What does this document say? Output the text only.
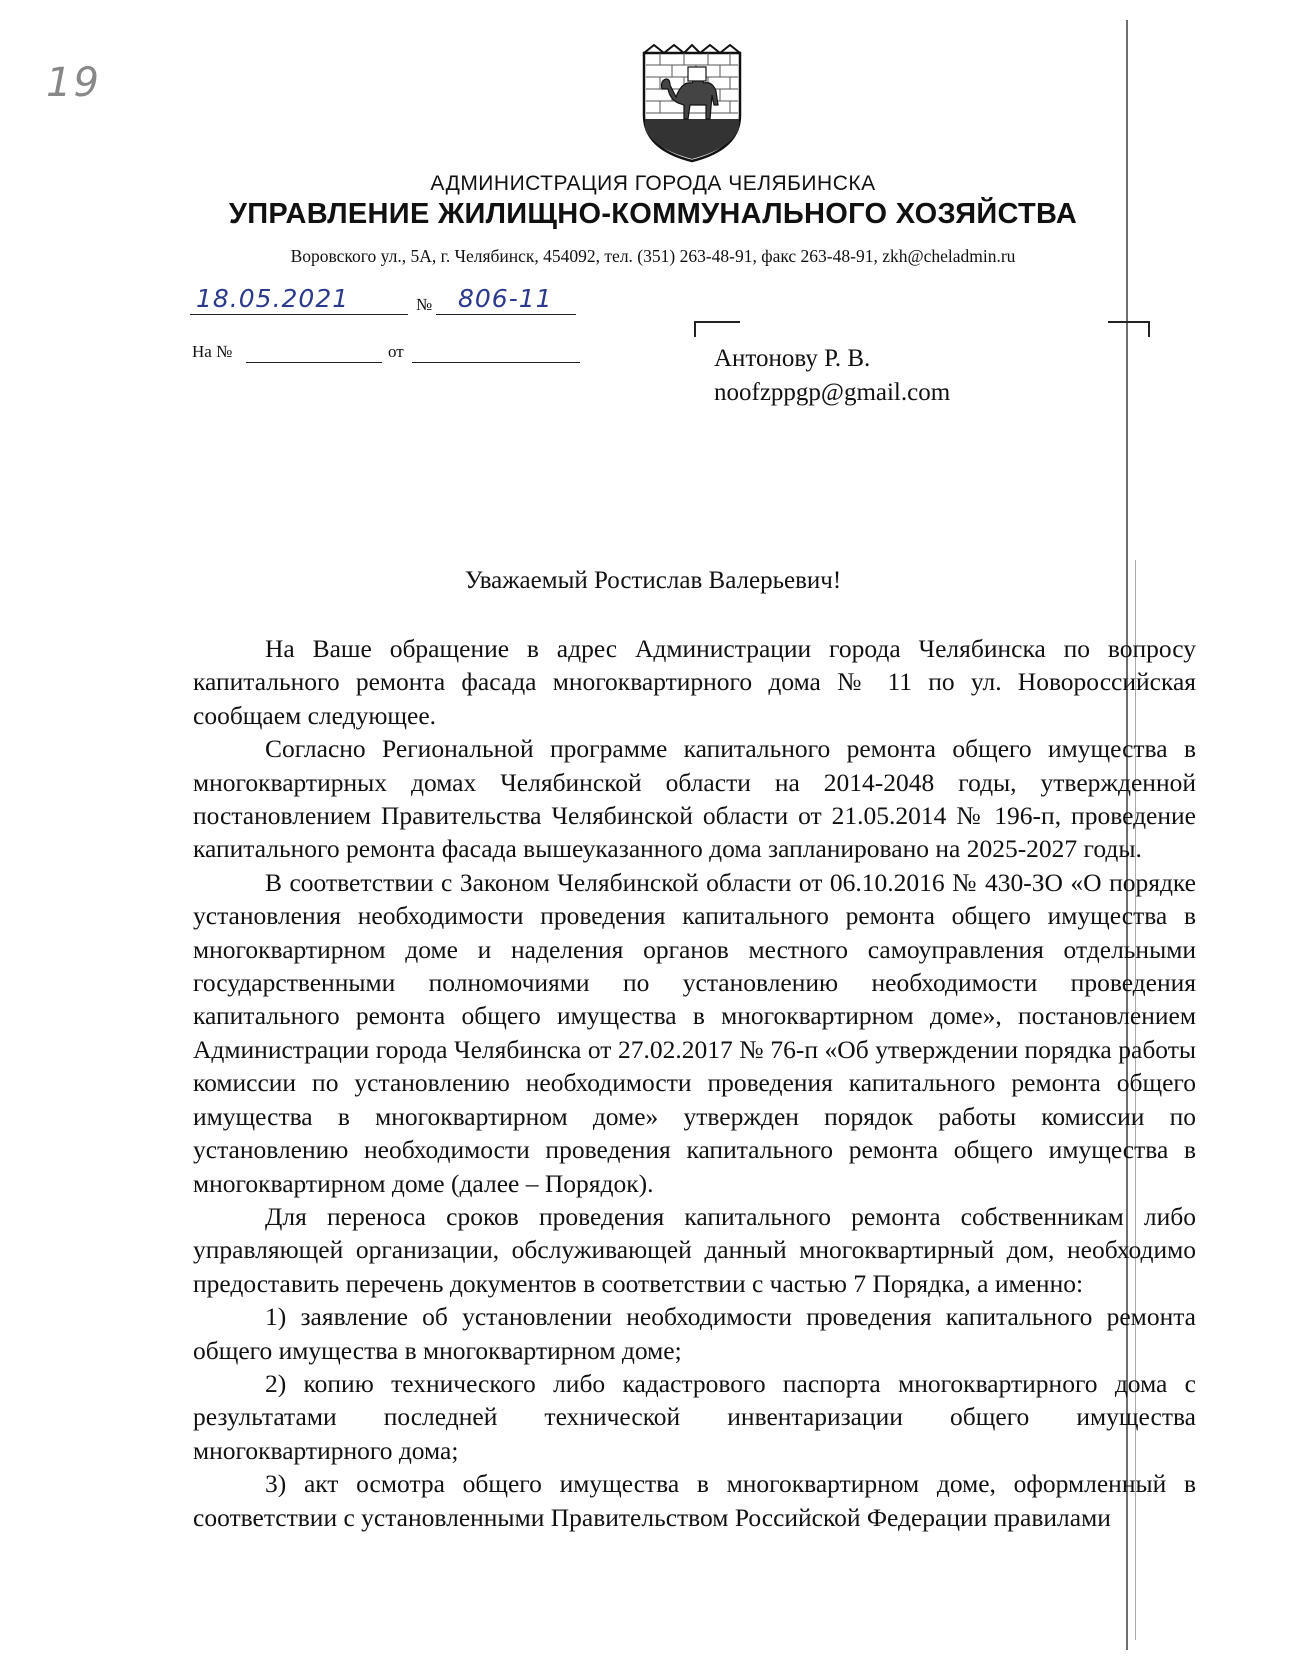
19
АДМИНИСТРАЦИЯ ГОРОДА ЧЕЛЯБИНСКА
УПРАВЛЕНИЕ ЖИЛИЩНО-КОММУНАЛЬНОГО ХОЗЯЙСТВА
Воровского ул., 5А, г. Челябинск, 454092, тел. (351) 263-48-91, факс 263-48-91, zkh@cheladmin.ru
18.05.2021	№ 806-11
На №	от	Антонову Р. В.
noofzppgp@gmail.com
Уважаемый Ростислав Валерьевич!

На Ваше обращение в адрес Администрации города Челябинска по вопросу капитального ремонта фасада многоквартирного дома № 11 по ул. Новороссийская сообщаем следующее.

Согласно Региональной программе капитального ремонта общего имущества в многоквартирных домах Челябинской области на 2014-2048 годы, утвержденной постановлением Правительства Челябинской области от 21.05.2014 № 196-п, проведение капитального ремонта фасада вышеуказанного дома запланировано на 2025-2027 годы.

В соответствии с Законом Челябинской области от 06.10.2016 № 430-ЗО «О порядке установления необходимости проведения капитального ремонта общего имущества в многоквартирном доме и наделения органов местного самоуправления отдельными государственными полномочиями по установлению необходимости проведения капитального ремонта общего имущества в многоквартирном доме», постановлением Администрации города Челябинска от 27.02.2017 № 76-п «Об утверждении порядка работы комиссии по установлению необходимости проведения капитального ремонта общего имущества в многоквартирном доме» утвержден порядок работы комиссии по установлению необходимости проведения капитального ремонта общего имущества в многоквартирном доме (далее – Порядок).

Для переноса сроков проведения капитального ремонта собственникам либо управляющей организации, обслуживающей данный многоквартирный дом, необходимо предоставить перечень документов в соответствии с частью 7 Порядка, а именно:

1) заявление об установлении необходимости проведения капитального ремонта общего имущества в многоквартирном доме;

2) копию технического либо кадастрового паспорта многоквартирного дома с результатами последней технической инвентаризации общего имущества многоквартирного дома;

3) акт осмотра общего имущества в многоквартирном доме, оформленный в соответствии с установленными Правительством Российской Федерации правилами
